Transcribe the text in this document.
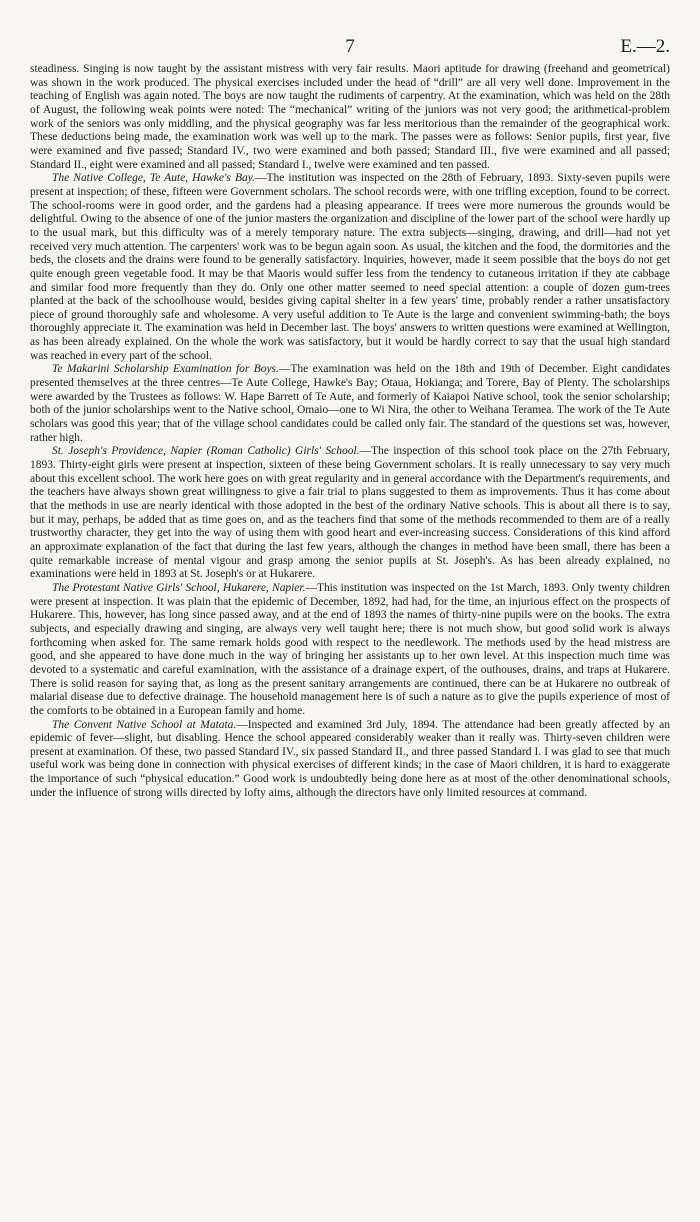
7	E.—2.

steadiness. Singing is now taught by the assistant mistress with very fair results. Maori aptitude for drawing (freehand and geometrical) was shown in the work produced. The physical exercises included under the head of “drill” are all very well done. Improvement in the teaching of English was again noted. The boys are now taught the rudiments of carpentry. At the examination, which was held on the 28th of August, the following weak points were noted: The “mechanical” writing of the juniors was not very good; the arithmetical-problem work of the seniors was only middling, and the physical geography was far less meritorious than the remainder of the geographical work. These deductions being made, the examination work was well up to the mark. The passes were as follows: Senior pupils, first year, five were examined and five passed; Standard IV., two were examined and both passed; Standard III., five were examined and all passed; Standard II., eight were examined and all passed; Standard I., twelve were examined and ten passed.

The Native College, Te Aute, Hawke's Bay.—The institution was inspected on the 28th of February, 1893. Sixty-seven pupils were present at inspection; of these, fifteen were Government scholars. The school records were, with one trifling exception, found to be correct. The school-rooms were in good order, and the gardens had a pleasing appearance. If trees were more numerous the grounds would be delightful. Owing to the absence of one of the junior masters the organization and discipline of the lower part of the school were hardly up to the usual mark, but this difficulty was of a merely temporary nature. The extra subjects—singing, drawing, and drill—had not yet received very much attention. The carpenters' work was to be begun again soon. As usual, the kitchen and the food, the dormitories and the beds, the closets and the drains were found to be generally satisfactory. Inquiries, however, made it seem possible that the boys do not get quite enough green vegetable food. It may be that Maoris would suffer less from the tendency to cutaneous irritation if they ate cabbage and similar food more frequently than they do. Only one other matter seemed to need special attention: a couple of dozen gum-trees planted at the back of the schoolhouse would, besides giving capital shelter in a few years' time, probably render a rather unsatisfactory piece of ground thoroughly safe and wholesome. A very useful addition to Te Aute is the large and convenient swimming-bath; the boys thoroughly appreciate it. The examination was held in December last. The boys' answers to written questions were examined at Wellington, as has been already explained. On the whole the work was satisfactory, but it would be hardly correct to say that the usual high standard was reached in every part of the school.

Te Makarini Scholarship Examination for Boys.—The examination was held on the 18th and 19th of December. Eight candidates presented themselves at the three centres—Te Aute College, Hawke's Bay; Otaua, Hokianga; and Torere, Bay of Plenty. The scholarships were awarded by the Trustees as follows: W. Hape Barrett of Te Aute, and formerly of Kaiapoi Native school, took the senior scholarship; both of the junior scholarships went to the Native school, Omaio—one to Wi Nira, the other to Weihana Teramea. The work of the Te Aute scholars was good this year; that of the village school candidates could be called only fair. The standard of the questions set was, however, rather high.

St. Joseph's Providence, Napier (Roman Catholic) Girls' School.—The inspection of this school took place on the 27th February, 1893. Thirty-eight girls were present at inspection, sixteen of these being Government scholars. It is really unnecessary to say very much about this excellent school. The work here goes on with great regularity and in general accordance with the Department's requirements, and the teachers have always shown great willingness to give a fair trial to plans suggested to them as improvements. Thus it has come about that the methods in use are nearly identical with those adopted in the best of the ordinary Native schools. This is about all there is to say, but it may, perhaps, be added that as time goes on, and as the teachers find that some of the methods recommended to them are of a really trustworthy character, they get into the way of using them with good heart and ever-increasing success. Considerations of this kind afford an approximate explanation of the fact that during the last few years, although the changes in method have been small, there has been a quite remarkable increase of mental vigour and grasp among the senior pupils at St. Joseph's. As has been already explained, no examinations were held in 1893 at St. Joseph's or at Hukarere.

The Protestant Native Girls' School, Hukarere, Napier.—This institution was inspected on the 1st March, 1893. Only twenty children were present at inspection. It was plain that the epidemic of December, 1892, had had, for the time, an injurious effect on the prospects of Hukarere. This, however, has long since passed away, and at the end of 1893 the names of thirty-nine pupils were on the books. The extra subjects, and especially drawing and singing, are always very well taught here; there is not much show, but good solid work is always forthcoming when asked for. The same remark holds good with respect to the needlework. The methods used by the head mistress are good, and she appeared to have done much in the way of bringing her assistants up to her own level. At this inspection much time was devoted to a systematic and careful examination, with the assistance of a drainage expert, of the outhouses, drains, and traps at Hukarere. There is solid reason for saying that, as long as the present sanitary arrangements are continued, there can be at Hukarere no outbreak of malarial disease due to defective drainage. The household management here is of such a nature as to give the pupils experience of most of the comforts to be obtained in a European family and home.

The Convent Native School at Matata.—Inspected and examined 3rd July, 1894. The attendance had been greatly affected by an epidemic of fever—slight, but disabling. Hence the school appeared considerably weaker than it really was. Thirty-seven children were present at examination. Of these, two passed Standard IV., six passed Standard II., and three passed Standard I. I was glad to see that much useful work was being done in connection with physical exercises of different kinds; in the case of Maori children, it is hard to exaggerate the importance of such “physical education.” Good work is undoubtedly being done here as at most of the other denominational schools, under the influence of strong wills directed by lofty aims, although the directors have only limited resources at command.
